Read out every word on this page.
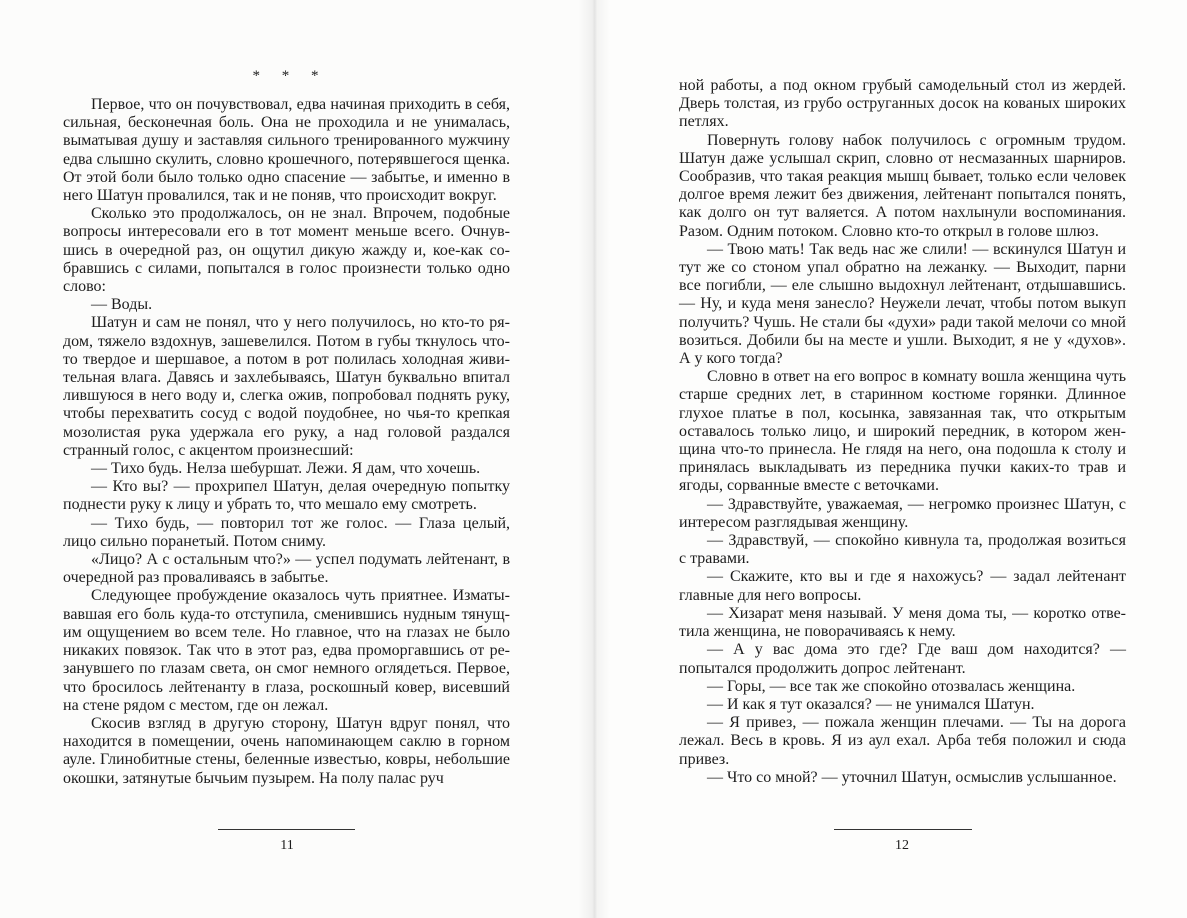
* * *

Первое, что он почувствовал, едва начиная приходить в себя, сильная, бесконечная боль. Она не проходила и не унималась, выматывая душу и заставляя сильного тренированного мужчину едва слышно скулить, словно крошечного, потерявшегося щенка. От этой боли было только одно спасение — забытье, и именно в него Шатун провалился, так и не поняв, что происходит вокруг.

Сколько это продолжалось, он не знал. Впрочем, подобные вопросы интересовали его в тот момент меньше всего. Очнувшись в очередной раз, он ощутил дикую жажду и, кое-как собравшись с силами, попытался в голос произнести только одно слово:

— Воды.

Шатун и сам не понял, что у него получилось, но кто-то рядом, тяжело вздохнув, зашевелился. Потом в губы ткнулось что-то твердое и шершавое, а потом в рот полилась холодная живительная влага. Давясь и захлебываясь, Шатун буквально впитал лившуюся в него воду и, слегка ожив, попробовал поднять руку, чтобы перехватить сосуд с водой поудобнее, но чья-то крепкая мозолистая рука удержала его руку, а над головой раздался странный голос, с акцентом произнесший:

— Тихо будь. Нелза шебуршат. Лежи. Я дам, что хочешь.

— Кто вы? — прохрипел Шатун, делая очередную попытку поднести руку к лицу и убрать то, что мешало ему смотреть.

— Тихо будь, — повторил тот же голос. — Глаза целый, лицо сильно поранетый. Потом сниму.

«Лицо? А с остальным что?» — успел подумать лейтенант, в очередной раз проваливаясь в забытье.

Следующее пробуждение оказалось чуть приятнее. Изматывавшая его боль куда-то отступила, сменившись нудным тянущим ощущением во всем теле. Но главное, что на глазах не было никаких повязок. Так что в этот раз, едва проморгавшись от резанувшего по глазам света, он смог немного оглядеться. Первое, что бросилось лейтенанту в глаза, роскошный ковер, висевший на стене рядом с местом, где он лежал.

Скосив взгляд в другую сторону, Шатун вдруг понял, что находится в помещении, очень напоминающем саклю в горном ауле. Глинобитные стены, беленные известью, ковры, небольшие окошки, затянутые бычьим пузырем. На полу палас руч

11

ной работы, а под окном грубый самодельный стол из жердей. Дверь толстая, из грубо оструганных досок на кованых широких петлях.

Повернуть голову набок получилось с огромным трудом. Шатун даже услышал скрип, словно от несмазанных шарниров. Сообразив, что такая реакция мышц бывает, только если человек долгое время лежит без движения, лейтенант попытался понять, как долго он тут валяется. А потом нахлынули воспоминания. Разом. Одним потоком. Словно кто-то открыл в голове шлюз.

— Твою мать! Так ведь нас же слили! — вскинулся Шатун и тут же со стоном упал обратно на лежанку. — Выходит, парни все погибли, — еле слышно выдохнул лейтенант, отдышавшись. — Ну, и куда меня занесло? Неужели лечат, чтобы потом выкуп получить? Чушь. Не стали бы «духи» ради такой мелочи со мной возиться. Добили бы на месте и ушли. Выходит, я не у «духов». А у кого тогда?

Словно в ответ на его вопрос в комнату вошла женщина чуть старше средних лет, в старинном костюме горянки. Длинное глухое платье в пол, косынка, завязанная так, что открытым оставалось только лицо, и широкий передник, в котором женщина что-то принесла. Не глядя на него, она подошла к столу и принялась выкладывать из передника пучки каких-то трав и ягоды, сорванные вместе с веточками.

— Здравствуйте, уважаемая, — негромко произнес Шатун, с интересом разглядывая женщину.

— Здравствуй, — спокойно кивнула та, продолжая возиться с травами.

— Скажите, кто вы и где я нахожусь? — задал лейтенант главные для него вопросы.

— Хизарат меня называй. У меня дома ты, — коротко ответила женщина, не поворачиваясь к нему.

— А у вас дома это где? Где ваш дом находится? — попытался продолжить допрос лейтенант.

— Горы, — все так же спокойно отозвалась женщина.

— И как я тут оказался? — не унимался Шатун.

— Я привез, — пожала женщин плечами. — Ты на дорога лежал. Весь в кровь. Я из аул ехал. Арба тебя положил и сюда привез.

— Что со мной? — уточнил Шатун, осмыслив услышанное.

12
